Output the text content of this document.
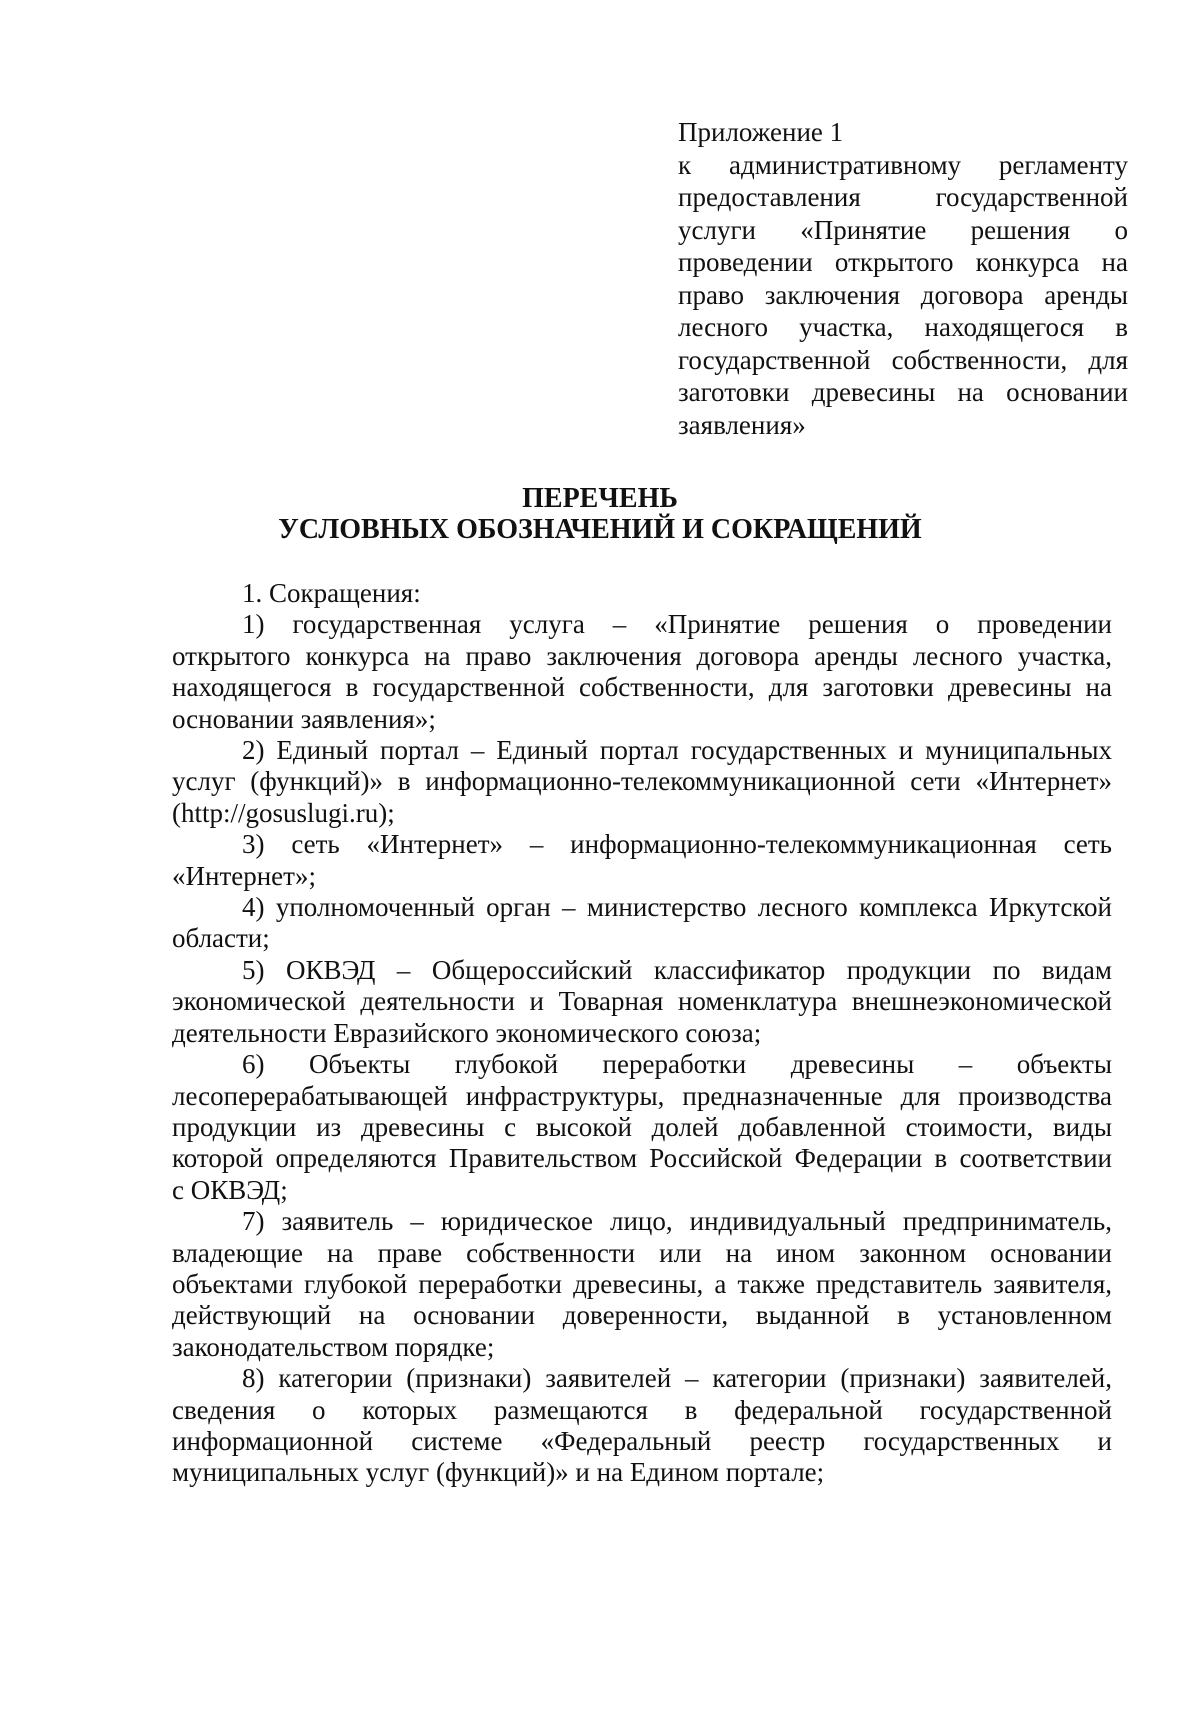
Приложение 1
к административному регламенту
предоставления государственной
услуги «Принятие решения о
проведении открытого конкурса на
право заключения договора аренды
лесного участка, находящегося в
государственной собственности, для
заготовки древесины на основании
заявления»
ПЕРЕЧЕНЬ
УСЛОВНЫХ ОБОЗНАЧЕНИЙ И СОКРАЩЕНИЙ
1. Сокращения:
1) государственная услуга – «Принятие решения о проведении
открытого конкурса на право заключения договора аренды лесного участка,
находящегося в государственной собственности, для заготовки древесины на
основании заявления»;
2) Единый портал – Единый портал государственных и муниципальных
услуг (функций)» в информационно-телекоммуникационной сети «Интернет»
(http://gosuslugi.ru);
3) сеть «Интернет» – информационно-телекоммуникационная сеть
«Интернет»;
4) уполномоченный орган – министерство лесного комплекса Иркутской
области;
5) ОКВЭД – Общероссийский классификатор продукции по видам
экономической деятельности и Товарная номенклатура внешнеэкономической
деятельности Евразийского экономического союза;
6) Объекты глубокой переработки древесины – объекты
лесоперерабатывающей инфраструктуры, предназначенные для производства
продукции из древесины с высокой долей добавленной стоимости, виды
которой определяются Правительством Российской Федерации в соответствии
с ОКВЭД;
7) заявитель – юридическое лицо, индивидуальный предприниматель,
владеющие на праве собственности или на ином законном основании
объектами глубокой переработки древесины, а также представитель заявителя,
действующий на основании доверенности, выданной в установленном
законодательством порядке;
8) категории (признаки) заявителей – категории (признаки) заявителей,
сведения о которых размещаются в федеральной государственной
информационной системе «Федеральный реестр государственных и
муниципальных услуг (функций)» и на Едином портале;
